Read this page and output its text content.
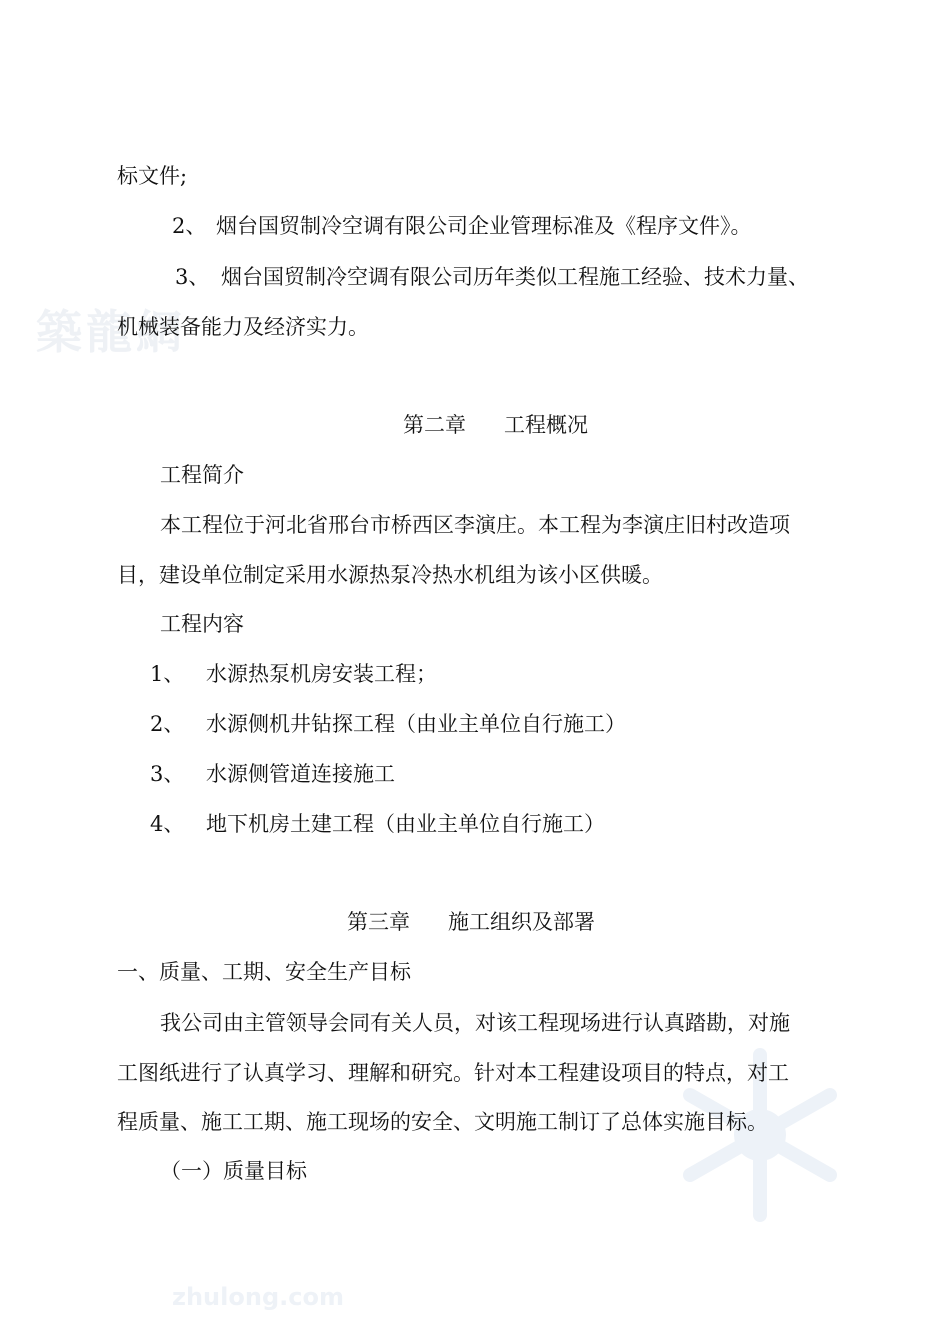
築龍網
zhulong.com
标文件;
2、 烟台国贸制冷空调有限公司企业管理标准及《程序文件》。
3、 烟台国贸制冷空调有限公司历年类似工程施工经验、技术力量、
机械装备能力及经济实力。
第二章 工程概况
工程简介
本工程位于河北省邢台市桥西区李演庄。本工程为李演庄旧村改造项
目，建设单位制定采用水源热泵冷热水机组为该小区供暖。
工程内容
1、 水源热泵机房安装工程；
2、 水源侧机井钻探工程（由业主单位自行施工）
3、 水源侧管道连接施工
4、 地下机房土建工程（由业主单位自行施工）
第三章 施工组织及部署
一、质量、工期、安全生产目标
我公司由主管领导会同有关人员，对该工程现场进行认真踏勘，对施
工图纸进行了认真学习、理解和研究。针对本工程建设项目的特点，对工
程质量、施工工期、施工现场的安全、文明施工制订了总体实施目标。
（一）质量目标
